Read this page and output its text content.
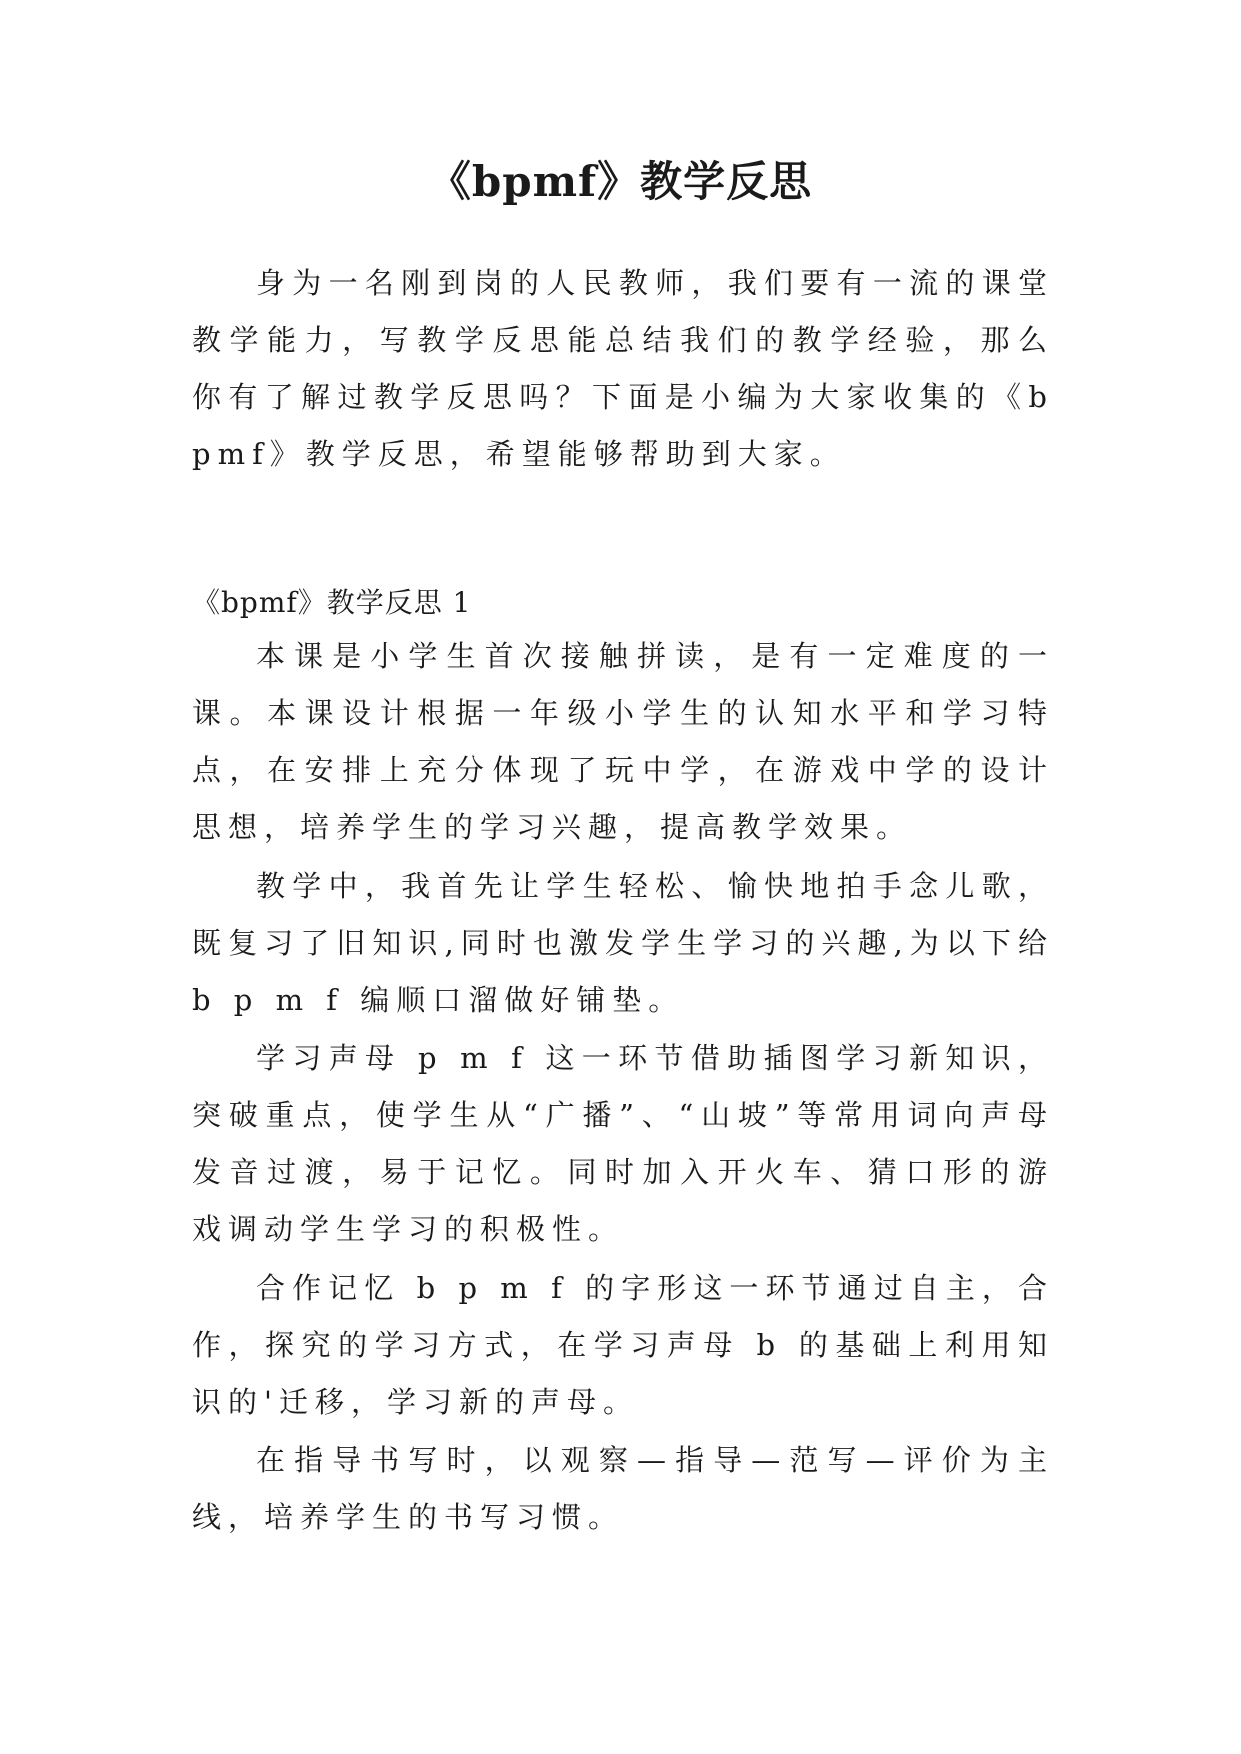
《bpmf》教学反思

身为一名刚到岗的人民教师，我们要有一流的课堂教学能力，写教学反思能总结我们的教学经验，那么你有了解过教学反思吗？下面是小编为大家收集的《bpmf》教学反思，希望能够帮助到大家。

《bpmf》教学反思 1

本课是小学生首次接触拼读，是有一定难度的一课。本课设计根据一年级小学生的认知水平和学习特点，在安排上充分体现了玩中学，在游戏中学的设计思想，培养学生的学习兴趣，提高教学效果。

教学中，我首先让学生轻松、愉快地拍手念儿歌，既复习了旧知识,同时也激发学生学习的兴趣,为以下给 b p m f 编顺口溜做好铺垫。

学习声母 p m f 这一环节借助插图学习新知识，突破重点，使学生从“广播”、“山坡”等常用词向声母发音过渡，易于记忆。同时加入开火车、猜口形的游戏调动学生学习的积极性。

合作记忆 b p m f 的字形这一环节通过自主，合作，探究的学习方式，在学习声母 b 的基础上利用知识的'迁移，学习新的声母。

在指导书写时，以观察—指导—范写—评价为主线，培养学生的书写习惯。
